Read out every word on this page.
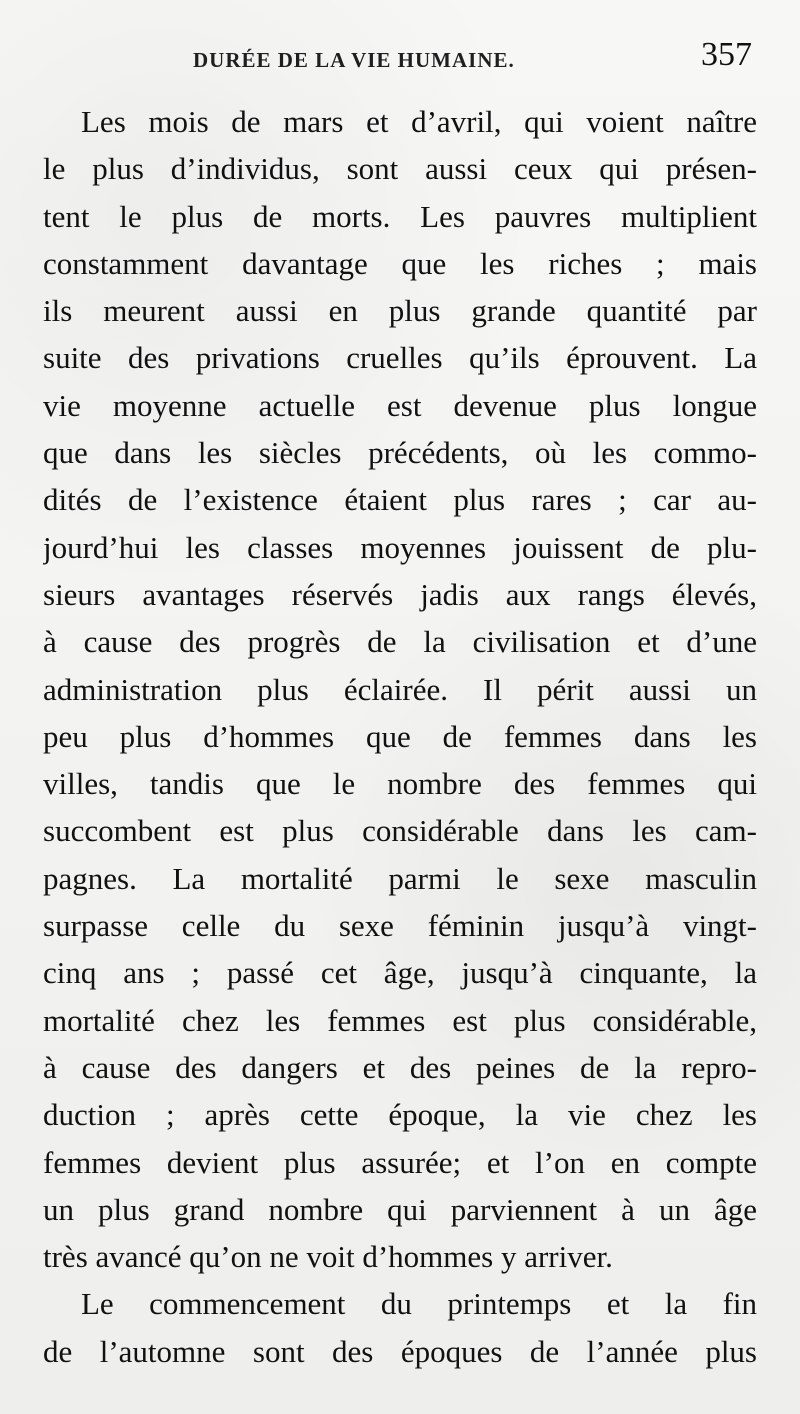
DURÉE DE LA VIE HUMAINE.	357
Les mois de mars et d’avril, qui voient naître
le plus d’individus, sont aussi ceux qui présen-
tent le plus de morts. Les pauvres multiplient
constamment davantage que les riches ; mais
ils meurent aussi en plus grande quantité par
suite des privations cruelles qu’ils éprouvent. La
vie moyenne actuelle est devenue plus longue
que dans les siècles précédents, où les commo-
dités de l’existence étaient plus rares ; car au-
jourd’hui les classes moyennes jouissent de plu-
sieurs avantages réservés jadis aux rangs élevés,
à cause des progrès de la civilisation et d’une
administration plus éclairée. Il périt aussi un
peu plus d’hommes que de femmes dans les
villes, tandis que le nombre des femmes qui
succombent est plus considérable dans les cam-
pagnes. La mortalité parmi le sexe masculin
surpasse celle du sexe féminin jusqu’à vingt-
cinq ans ; passé cet âge, jusqu’à cinquante, la
mortalité chez les femmes est plus considérable,
à cause des dangers et des peines de la repro-
duction ; après cette époque, la vie chez les
femmes devient plus assurée; et l’on en compte
un plus grand nombre qui parviennent à un âge
très avancé qu’on ne voit d’hommes y arriver.
Le commencement du printemps et la fin
de l’automne sont des époques de l’année plus
